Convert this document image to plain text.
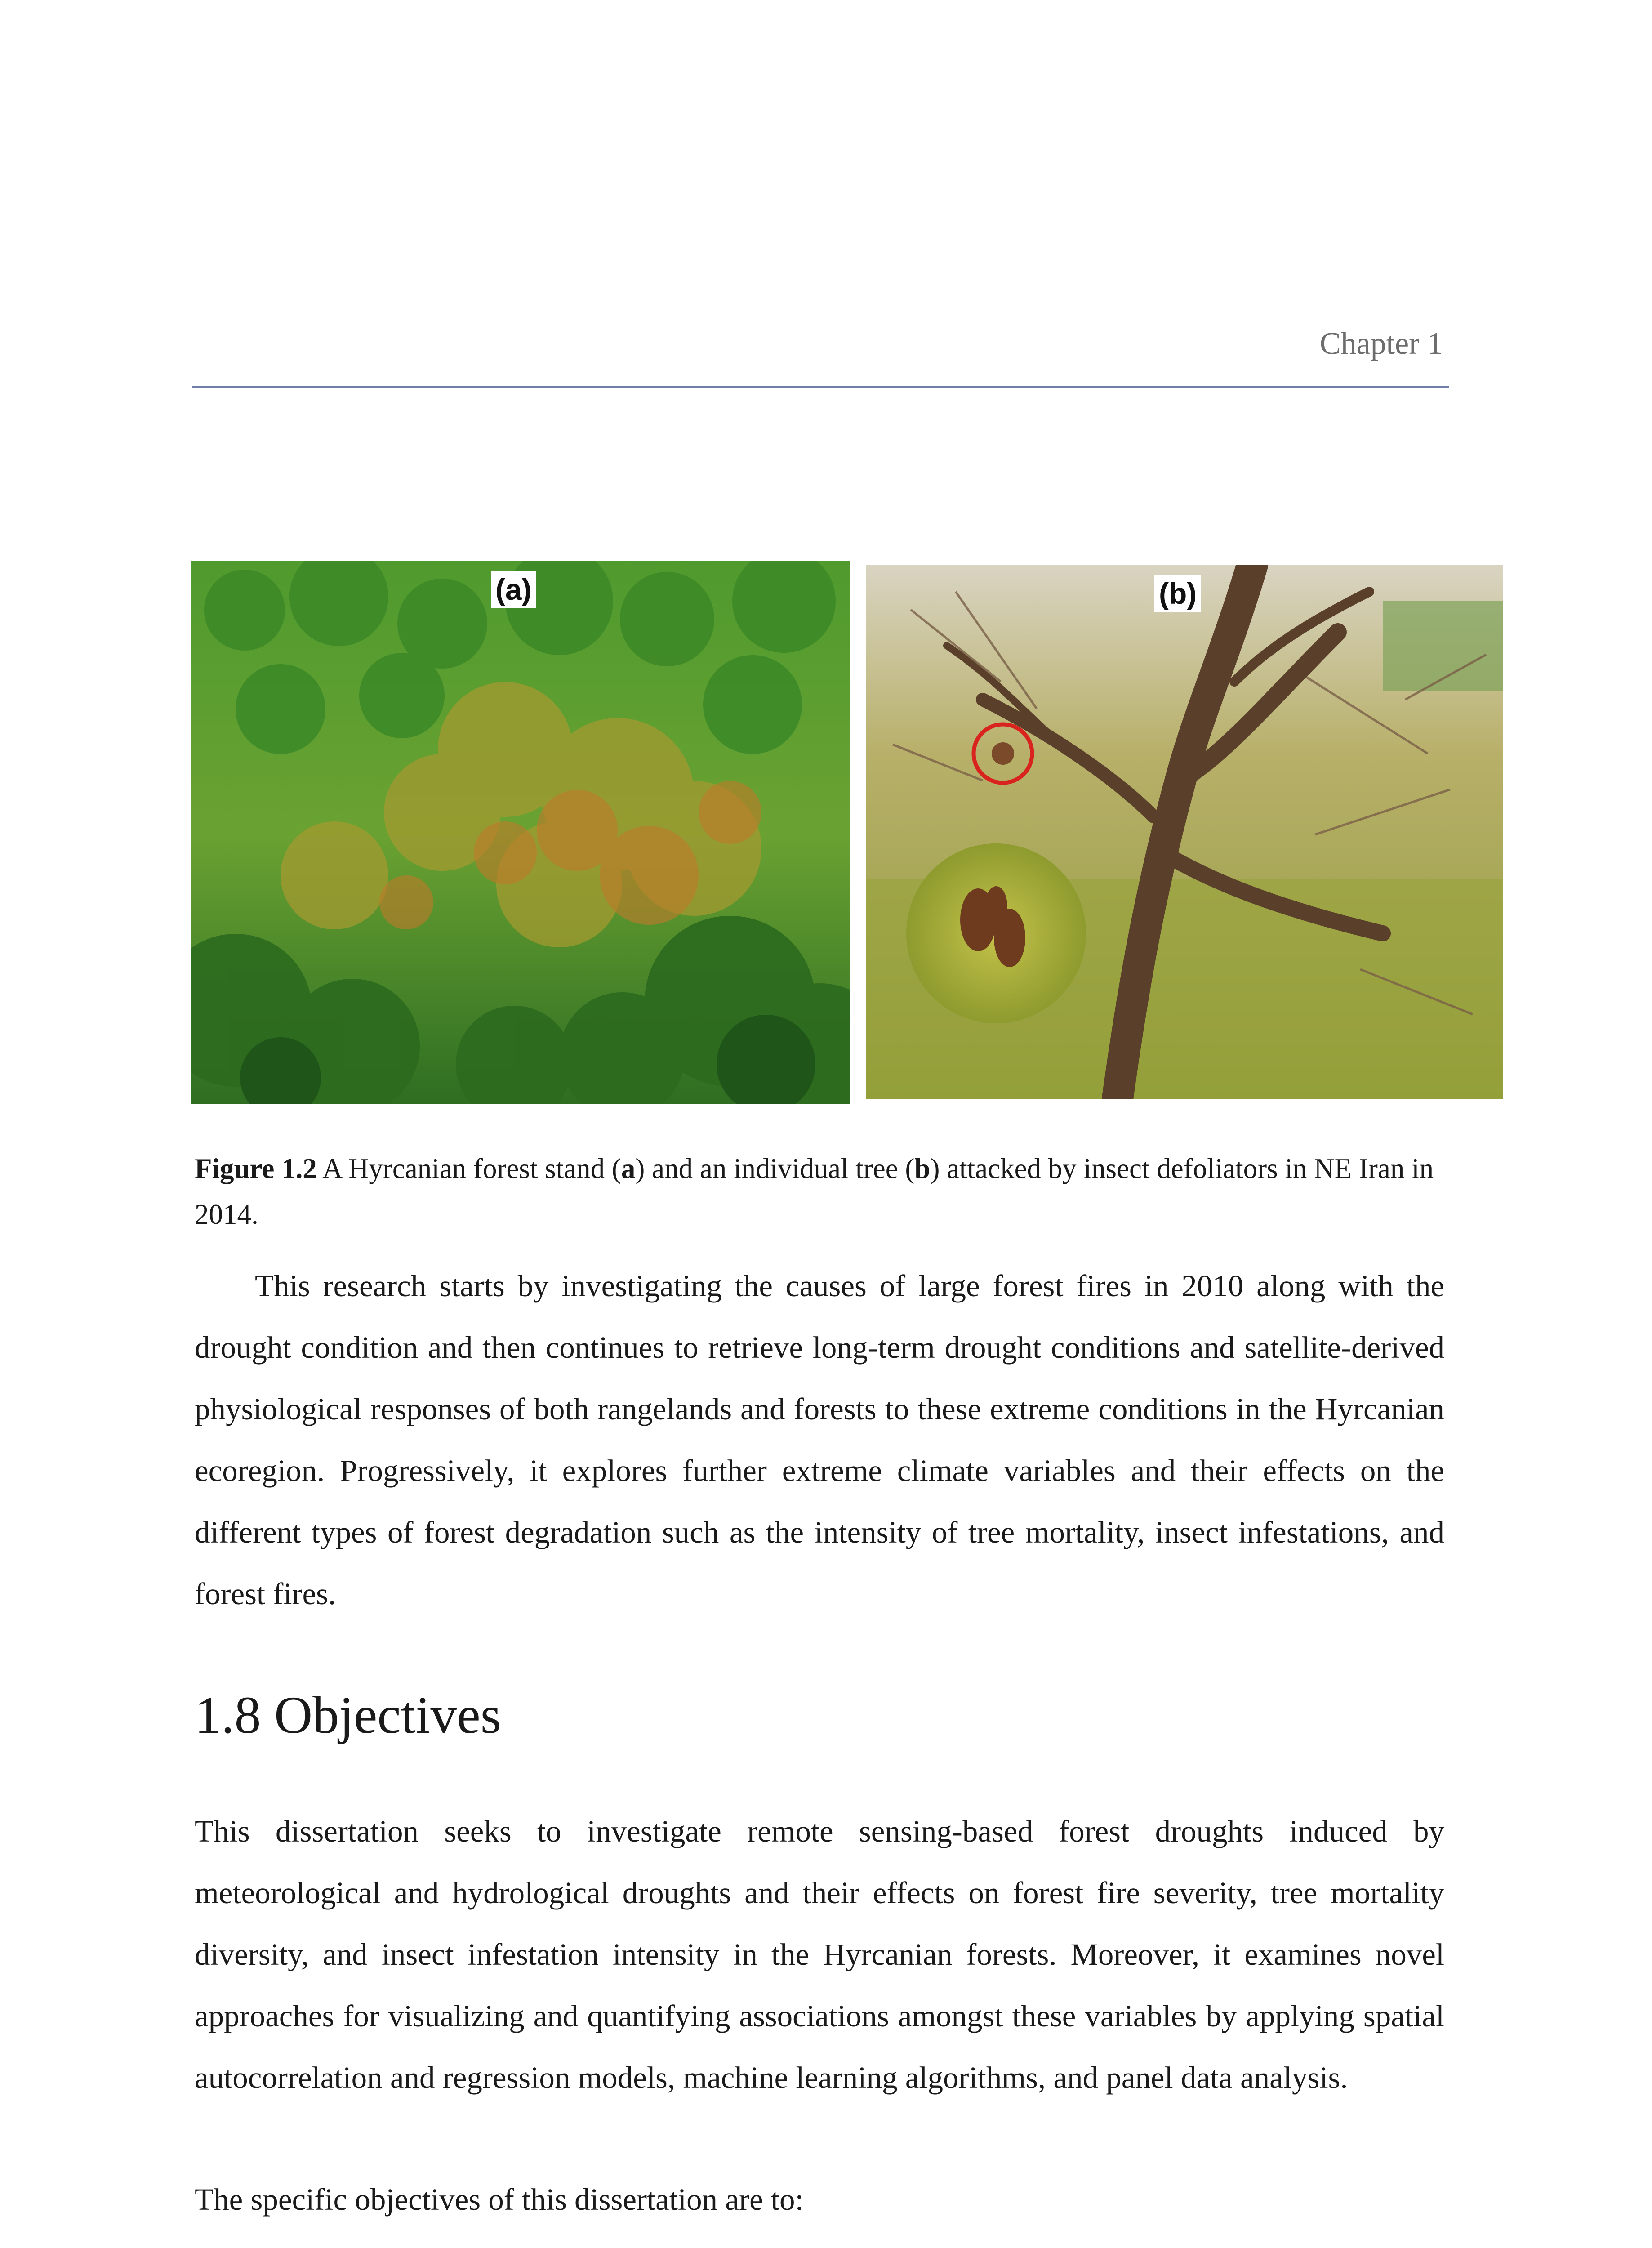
Chapter 1
(a)	(b)

Figure 1.2 A Hyrcanian forest stand (a) and an individual tree (b) attacked by insect defoliators in NE Iran in 2014.

This research starts by investigating the causes of large forest fires in 2010 along with the drought condition and then continues to retrieve long-term drought conditions and satellite-derived physiological responses of both rangelands and forests to these extreme conditions in the Hyrcanian ecoregion. Progressively, it explores further extreme climate variables and their effects on the different types of forest degradation such as the intensity of tree mortality, insect infestations, and forest fires.

1.8 Objectives

This dissertation seeks to investigate remote sensing-based forest droughts induced by meteorological and hydrological droughts and their effects on forest fire severity, tree mortality diversity, and insect infestation intensity in the Hyrcanian forests. Moreover, it examines novel approaches for visualizing and quantifying associations amongst these variables by applying spatial autocorrelation and regression models, machine learning algorithms, and panel data analysis.

The specific objectives of this dissertation are to:
